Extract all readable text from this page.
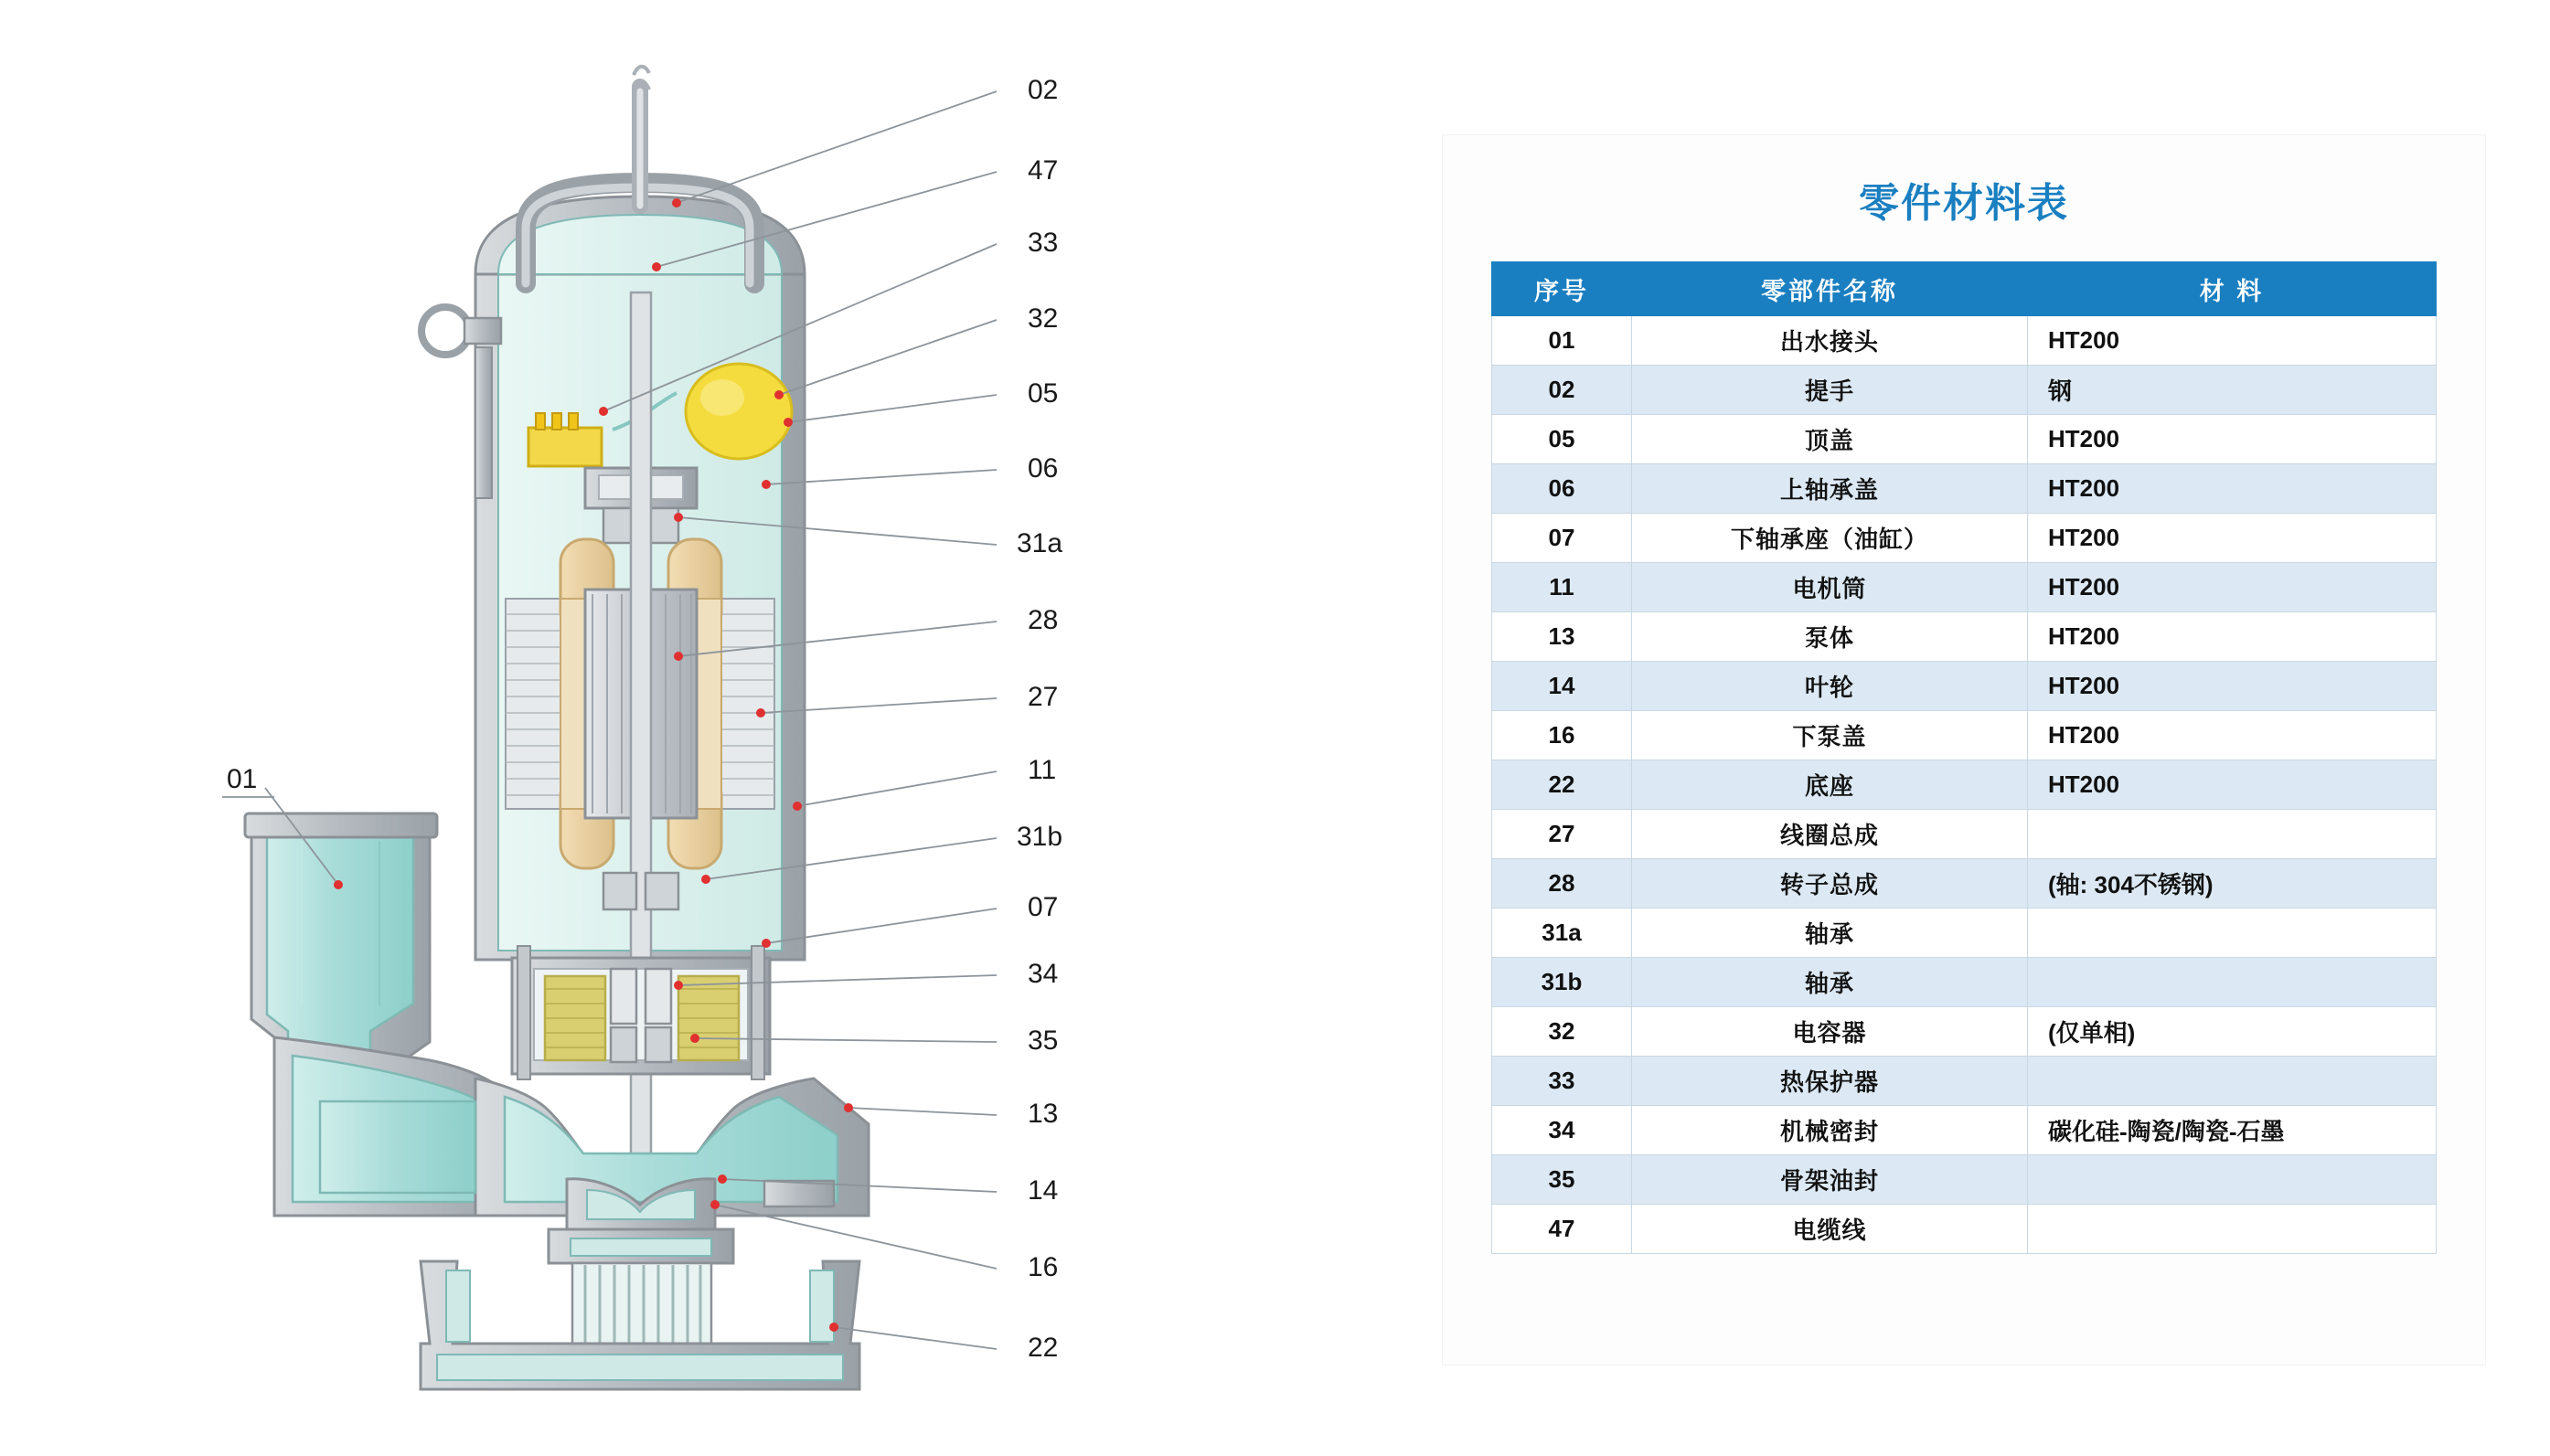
02
47
33
32
05
06
31a
28
27
11
31b
07
34
35
13
14
16
22
01
零件材料表
序号	零部件名称	材 料
01	出水接头	HT200
02	提手	钢
05	顶盖	HT200
06	上轴承盖	HT200
07	下轴承座（油缸）	HT200
11	电机筒	HT200
13	泵体	HT200
14	叶轮	HT200
16	下泵盖	HT200
22	底座	HT200
27	线圈总成	
28	转子总成	(轴: 304不锈钢)
31a	轴承	
31b	轴承	
32	电容器	(仅单相)
33	热保护器	
34	机械密封	碳化硅-陶瓷/陶瓷-石墨
35	骨架油封	
47	电缆线	
